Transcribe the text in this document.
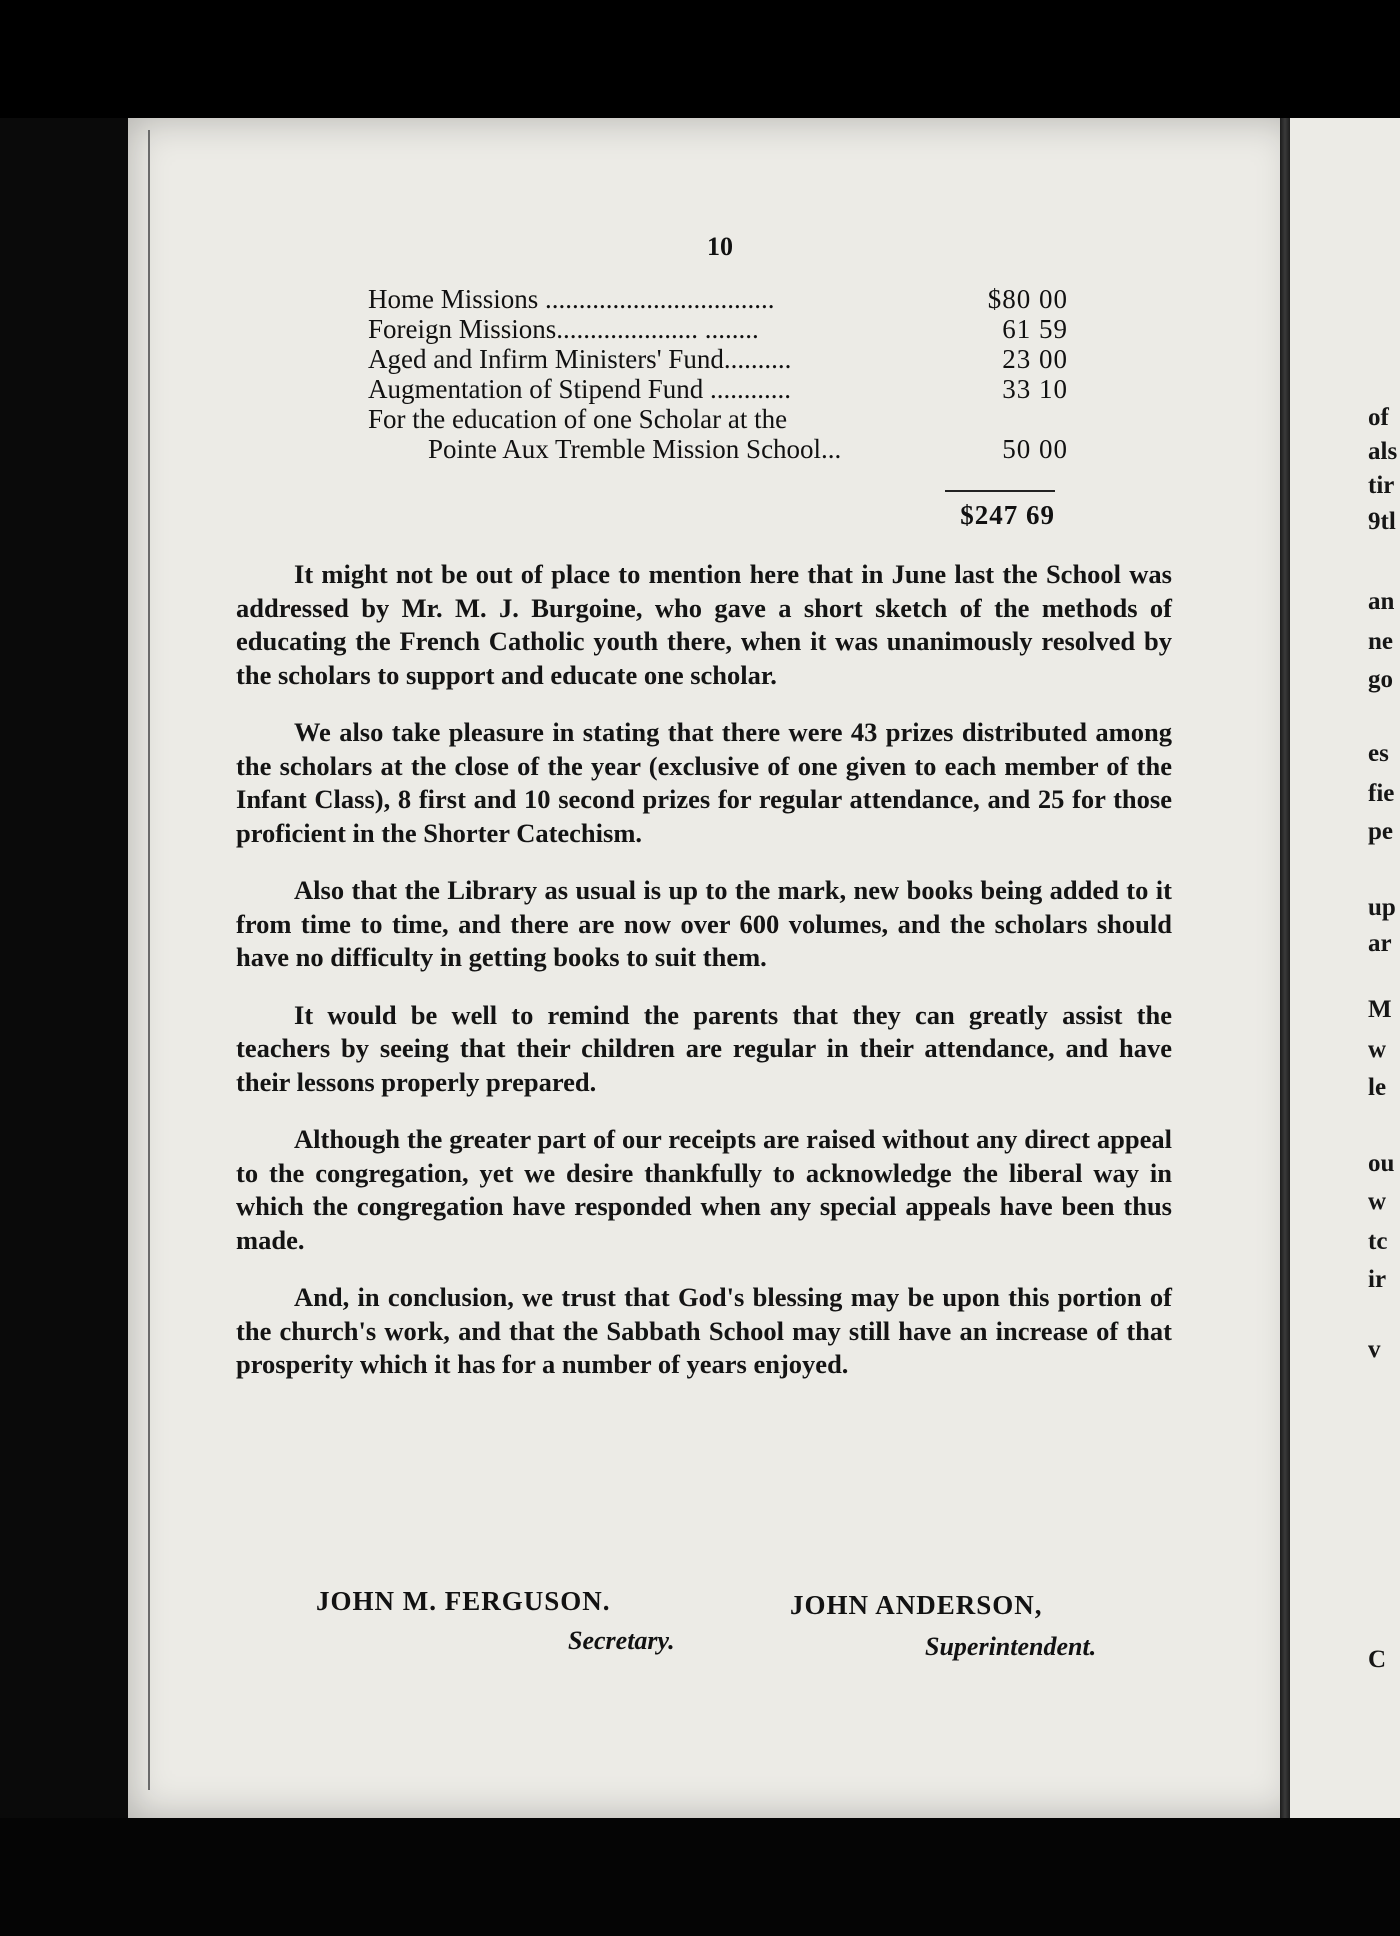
10
Home Missions ..................................	$80 00
Foreign Missions..................... ........	61 59
Aged and Infirm Ministers' Fund..........	23 00
Augmentation of Stipend Fund ............	33 10
For the education of one Scholar at the
Pointe Aux Tremble Mission School...	50 00
$247 69

It might not be out of place to mention here that in June last the School was addressed by Mr. M. J. Burgoine, who gave a short sketch of the methods of educating the French Catholic youth there, when it was unanimously resolved by the scholars to support and educate one scholar.

We also take pleasure in stating that there were 43 prizes distributed among the scholars at the close of the year (exclusive of one given to each member of the Infant Class), 8 first and 10 second prizes for regular attendance, and 25 for those proficient in the Shorter Catechism.

Also that the Library as usual is up to the mark, new books being added to it from time to time, and there are now over 600 volumes, and the scholars should have no difficulty in getting books to suit them.

It would be well to remind the parents that they can greatly assist the teachers by seeing that their children are regular in their attendance, and have their lessons properly prepared.

Although the greater part of our receipts are raised without any direct appeal to the congregation, yet we desire thankfully to acknowledge the liberal way in which the congregation have responded when any special appeals have been thus made.

And, in conclusion, we trust that God's blessing may be upon this portion of the church's work, and that the Sabbath School may still have an increase of that prosperity which it has for a number of years enjoyed.

JOHN M. FERGUSON.
Secretary.
JOHN ANDERSON,
Superintendent.
of
als
tir
9tl
an
ne
go
es
fie
pe
up
ar
M
w
le
ou
w
tc
ir
v
C
